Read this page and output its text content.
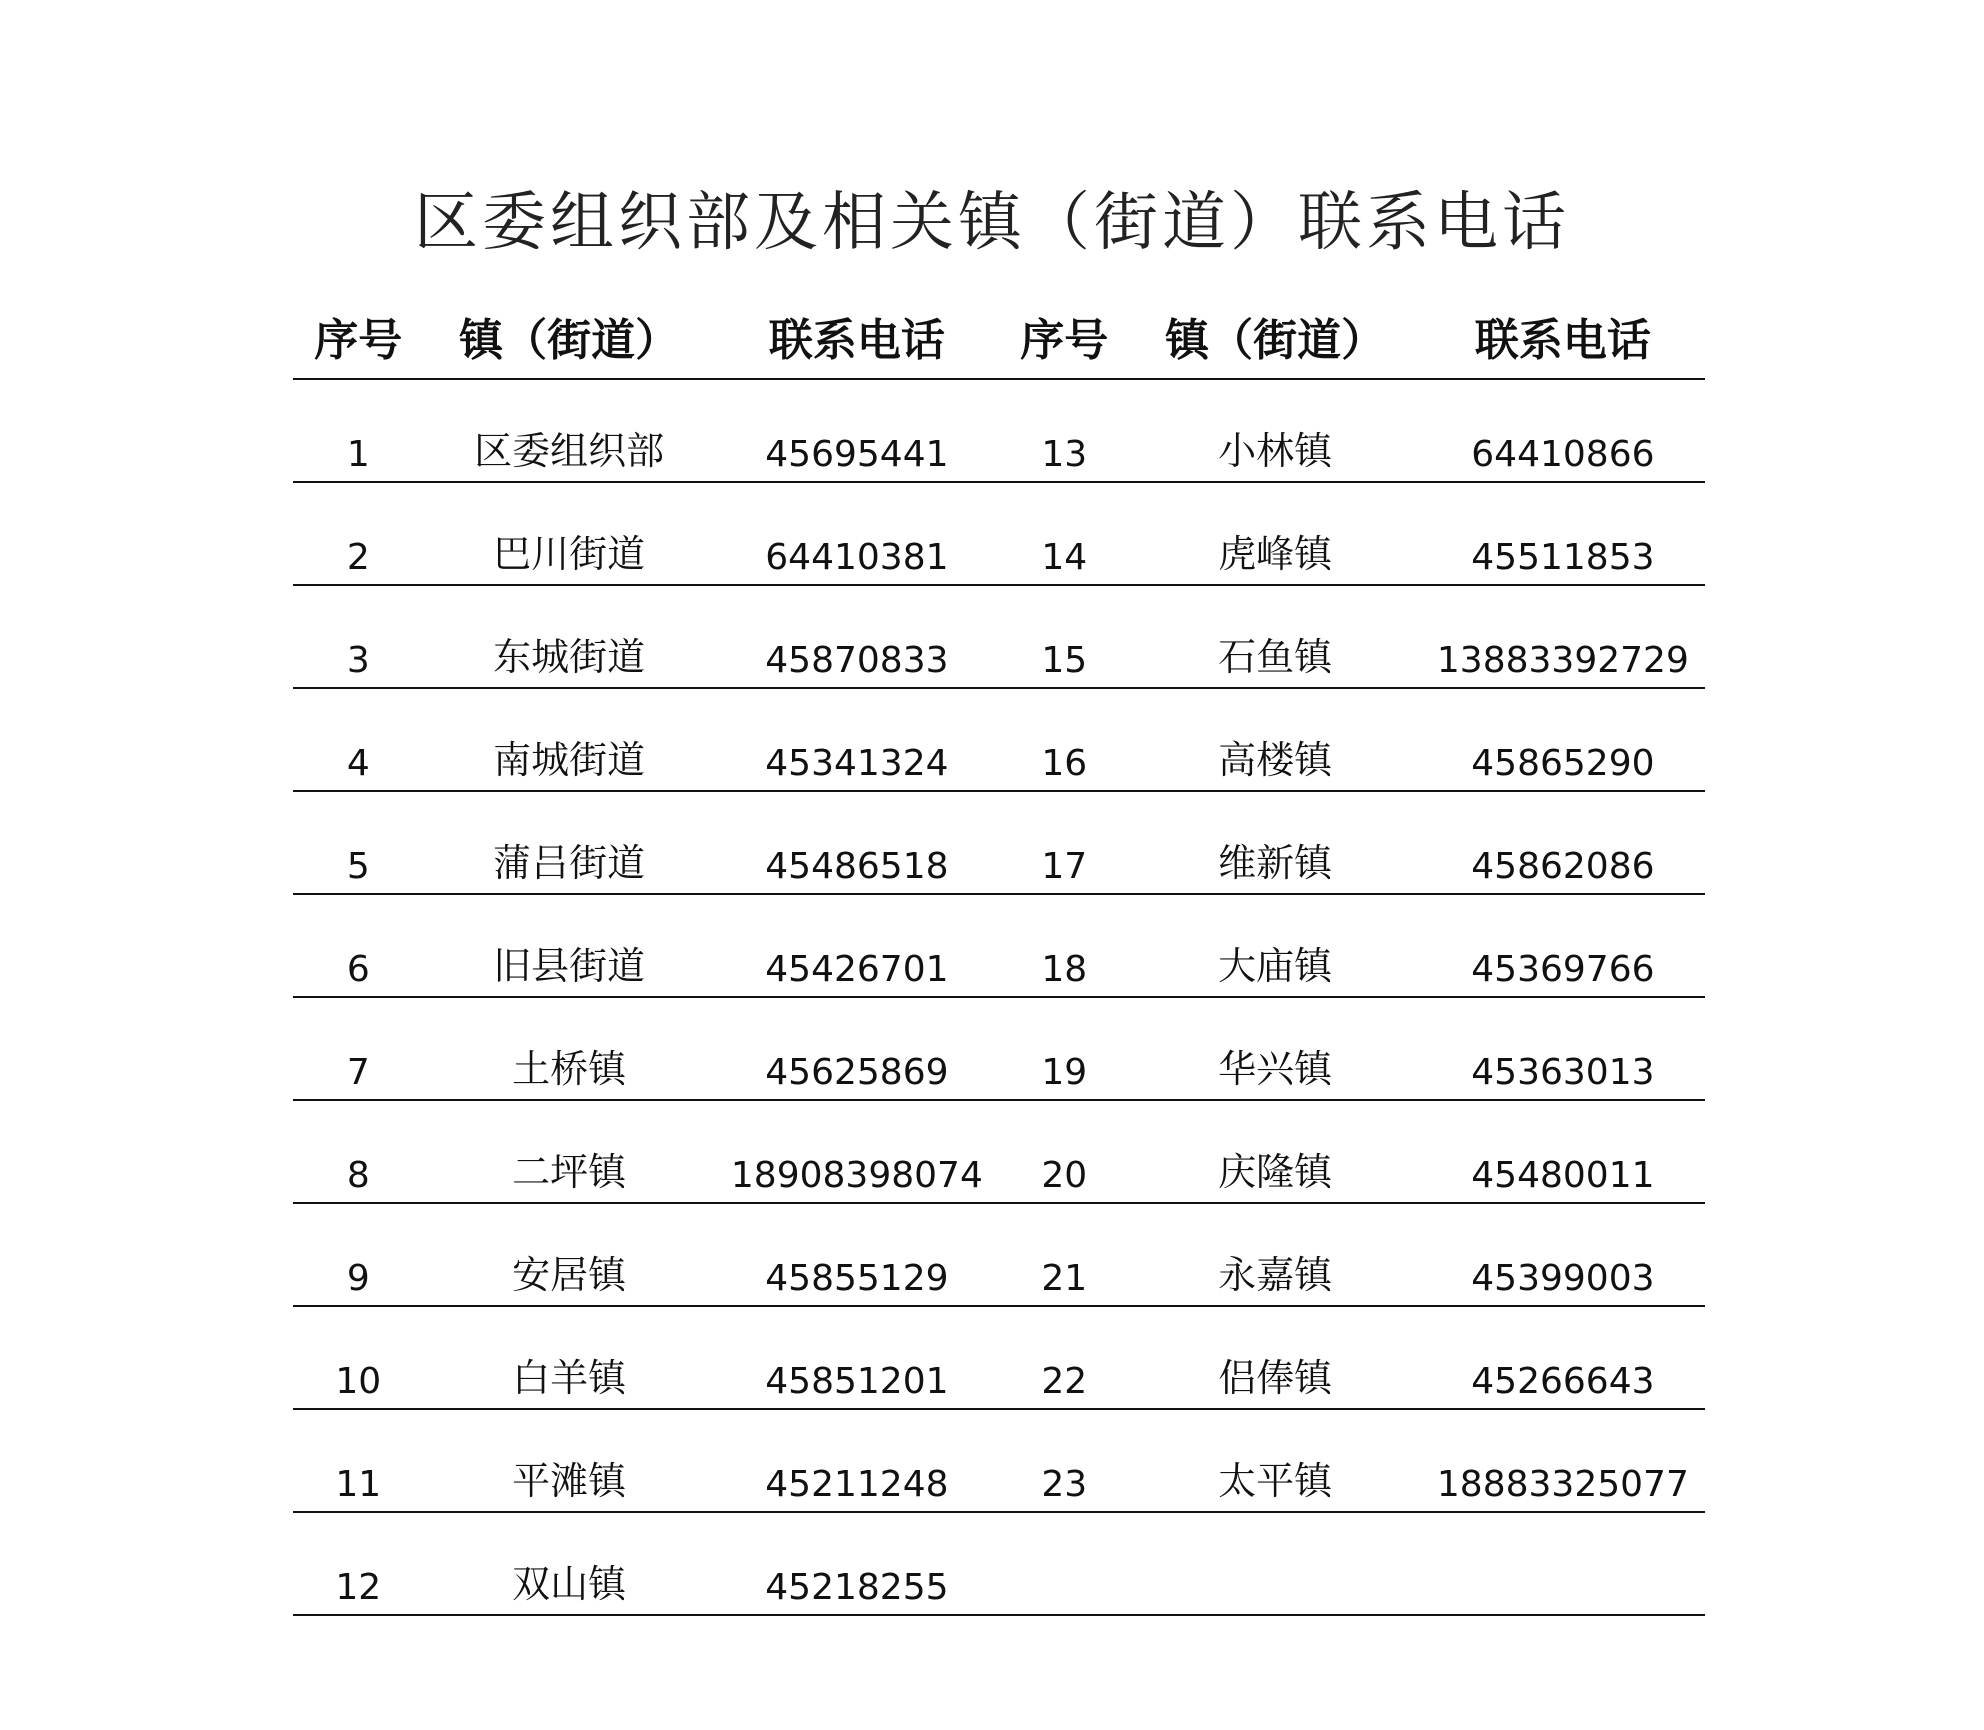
区委组织部及相关镇（街道）联系电话
序号	镇（街道）	联系电话	序号	镇（街道）	联系电话
1	区委组织部	45695441	13	小林镇	64410866
2	巴川街道	64410381	14	虎峰镇	45511853
3	东城街道	45870833	15	石鱼镇	13883392729
4	南城街道	45341324	16	高楼镇	45865290
5	蒲吕街道	45486518	17	维新镇	45862086
6	旧县街道	45426701	18	大庙镇	45369766
7	土桥镇	45625869	19	华兴镇	45363013
8	二坪镇	18908398074	20	庆隆镇	45480011
9	安居镇	45855129	21	永嘉镇	45399003
10	白羊镇	45851201	22	侣俸镇	45266643
11	平滩镇	45211248	23	太平镇	18883325077
12	双山镇	45218255			
